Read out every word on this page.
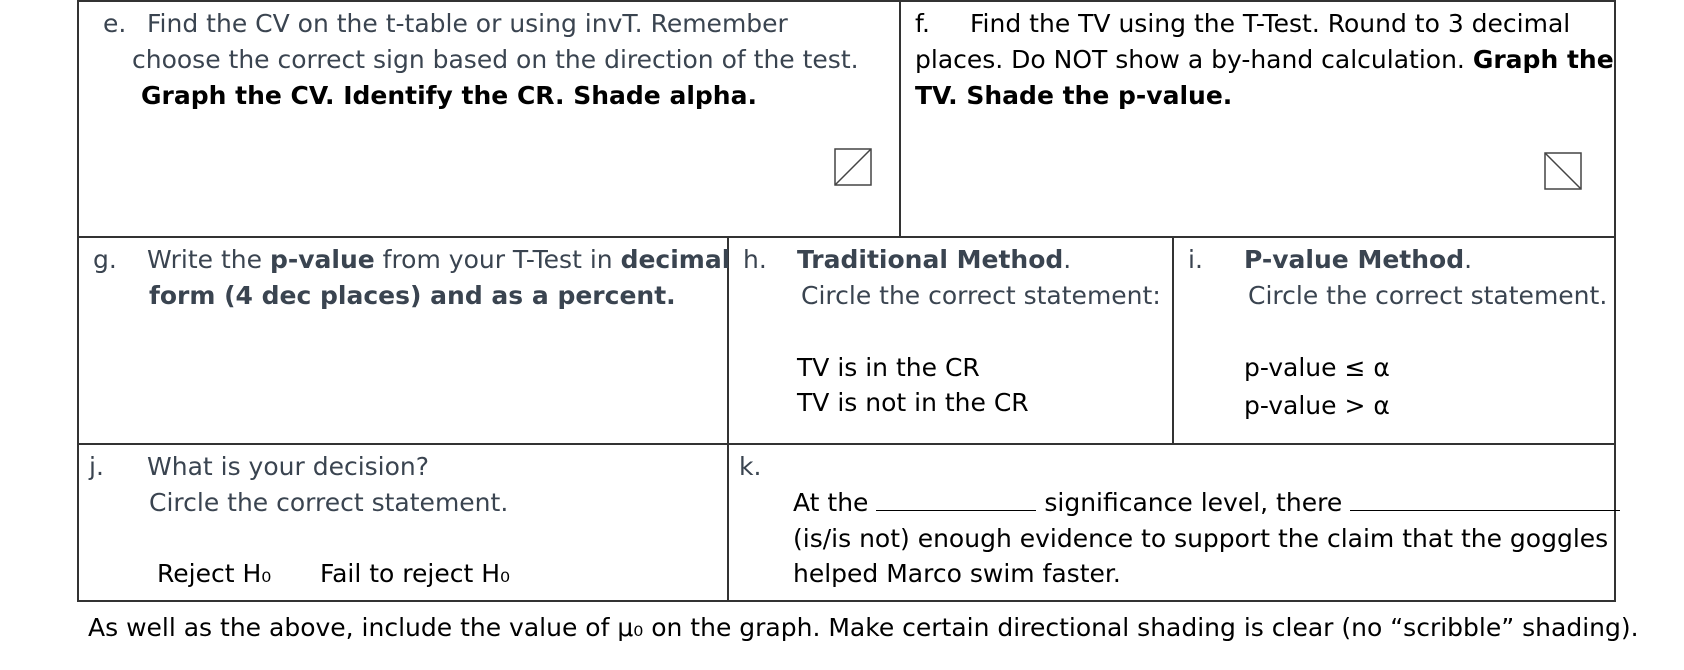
e. Find the CV on the t-table or using invT. Remember
choose the correct sign based on the direction of the test.
Graph the CV. Identify the CR. Shade alpha.
f. Find the TV using the T-Test. Round to 3 decimal
places. Do NOT show a by-hand calculation. Graph the
TV. Shade the p-value.
g. Write the p-value from your T-Test in decimal
form (4 dec places) and as a percent.
h. Traditional Method.
Circle the correct statement:
TV is in the CR
TV is not in the CR
i. P-value Method.
Circle the correct statement.
p-value ≤ α
p-value > α
j. What is your decision?
Circle the correct statement.
Reject H₀ Fail to reject H₀
k.
At the	significance level, there
(is/is not) enough evidence to support the claim that the goggles
helped Marco swim faster.
As well as the above, include the value of μ₀ on the graph. Make certain directional shading is clear (no “scribble” shading).
